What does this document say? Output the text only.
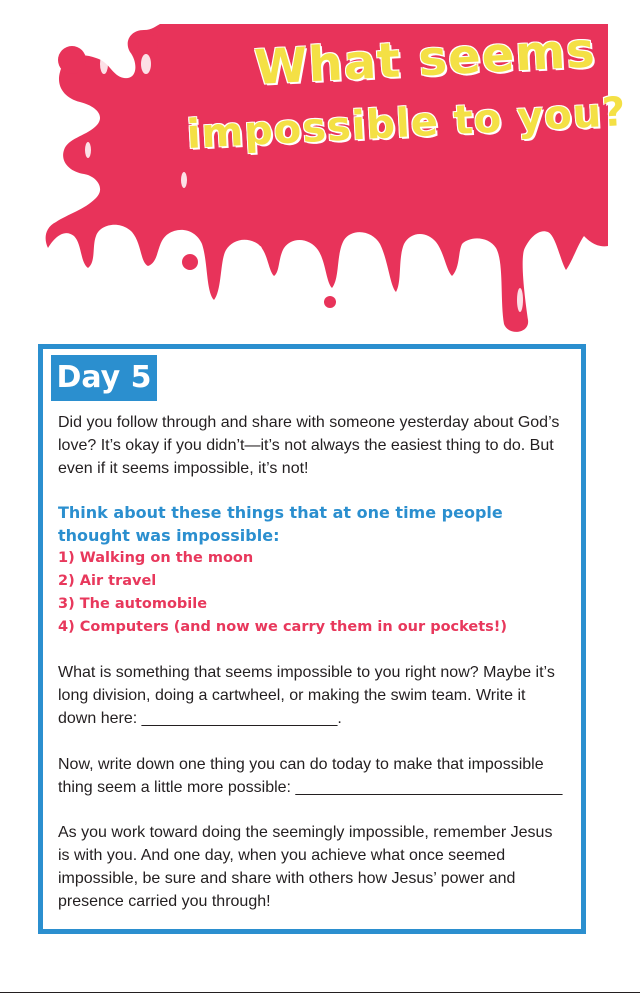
What seems
impossible to you?
Day 5

Did you follow through and share with someone yesterday about God’s love? It’s okay if you didn’t—it’s not always the easiest thing to do. But even if it seems impossible, it’s not!

Think about these things that at one time people thought was impossible:

1) Walking on the moon
2) Air travel
3) The automobile
4) Computers (and now we carry them in our pockets!)

What is something that seems impossible to you right now? Maybe it’s long division, doing a cartwheel, or making the swim team. Write it down here: ______________________.

Now, write down one thing you can do today to make that impossible thing seem a little more possible: ______________________________

As you work toward doing the seemingly impossible, remember Jesus is with you. And one day, when you achieve what once seemed impossible, be sure and share with others how Jesus’ power and presence carried you through!
